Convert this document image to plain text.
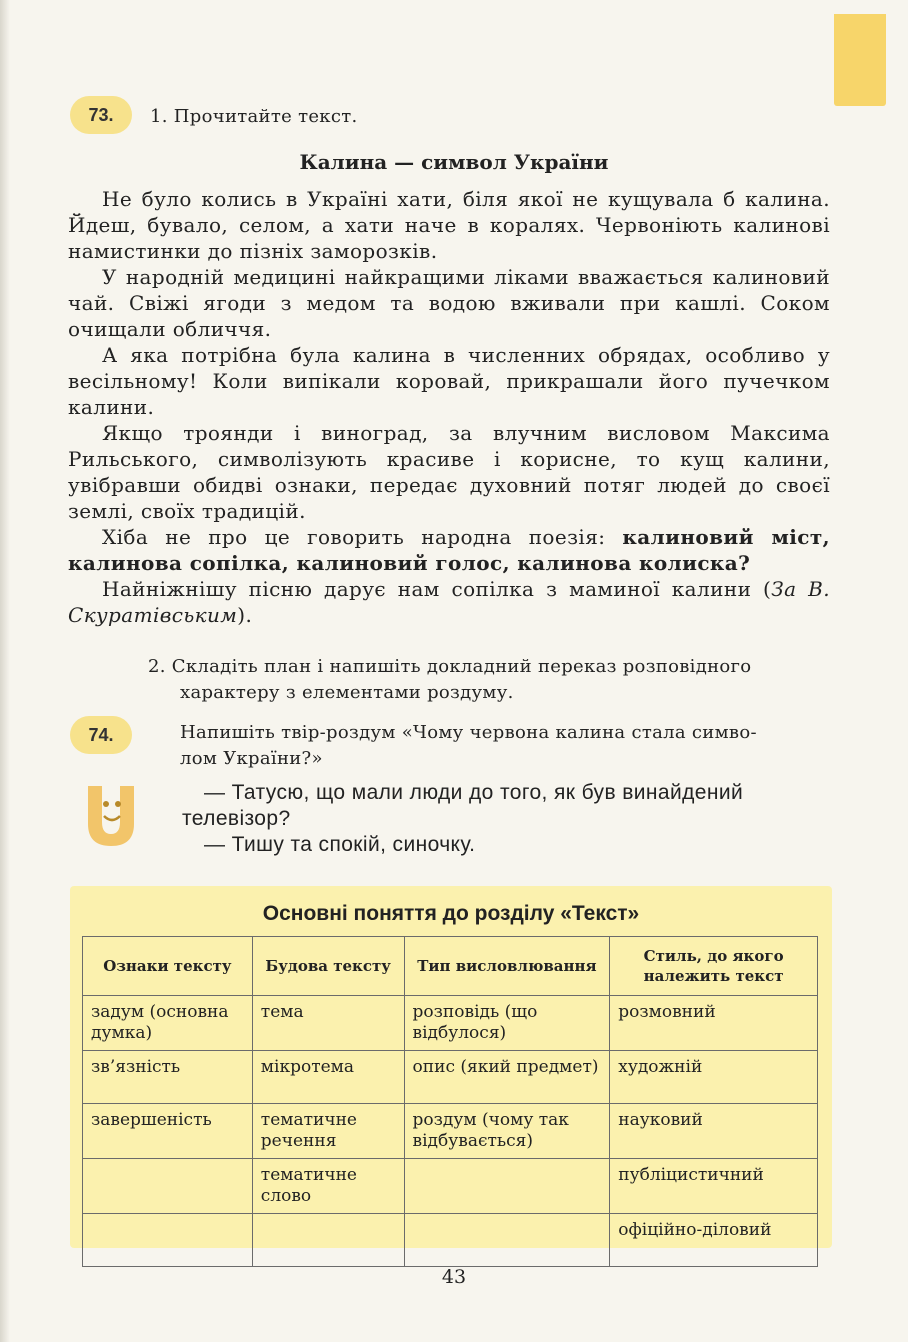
73. 1. Прочитайте текст.
Калина — символ України

Не було колись в Україні хати, біля якої не кущувала б калина. Йдеш, бувало, селом, а хати наче в коралях. Червоніють калинові намистинки до пізніх заморозків.

У народній медицині найкращими ліками вважається калиновий чай. Свіжі ягоди з медом та водою вживали при кашлі. Соком очищали обличчя.

А яка потрібна була калина в численних обрядах, особливо у весільному! Коли випікали коровай, прикрашали його пучечком калини.

Якщо троянди і виноград, за влучним висловом Максима Рильського, символізують красиве і корисне, то кущ калини, увібравши обидві ознаки, передає духовний потяг людей до своєї землі, своїх традицій.

Хіба не про це говорить народна поезія: калиновий міст, калинова сопілка, калиновий голос, калинова колиска?

Найніжнішу пісню дарує нам сопілка з маминої калини (За В. Скуратівським).

2. Складіть план і напишіть докладний переказ розповідного
характеру з елементами роздуму.
74.	Напишіть твір-роздум «Чому червона калина стала симво-
лом України?»
— Татусю, що мали люди до того, як був винайдений
телевізор?
— Тишу та спокій, синочку.
Основні поняття до розділу «Текст»
Ознаки тексту	Будова тексту	Тип висловлювання	Стиль, до якого належить текст
задум (основна думка)	тема	розповідь (що відбулося)	розмовний
зв’язність	мікротема	опис (який предмет)	художній
завершеність	тематичне речення	роздум (чому так відбувається)	науковий
	тематичне слово		публіцистичний
			офіційно-діловий
43
